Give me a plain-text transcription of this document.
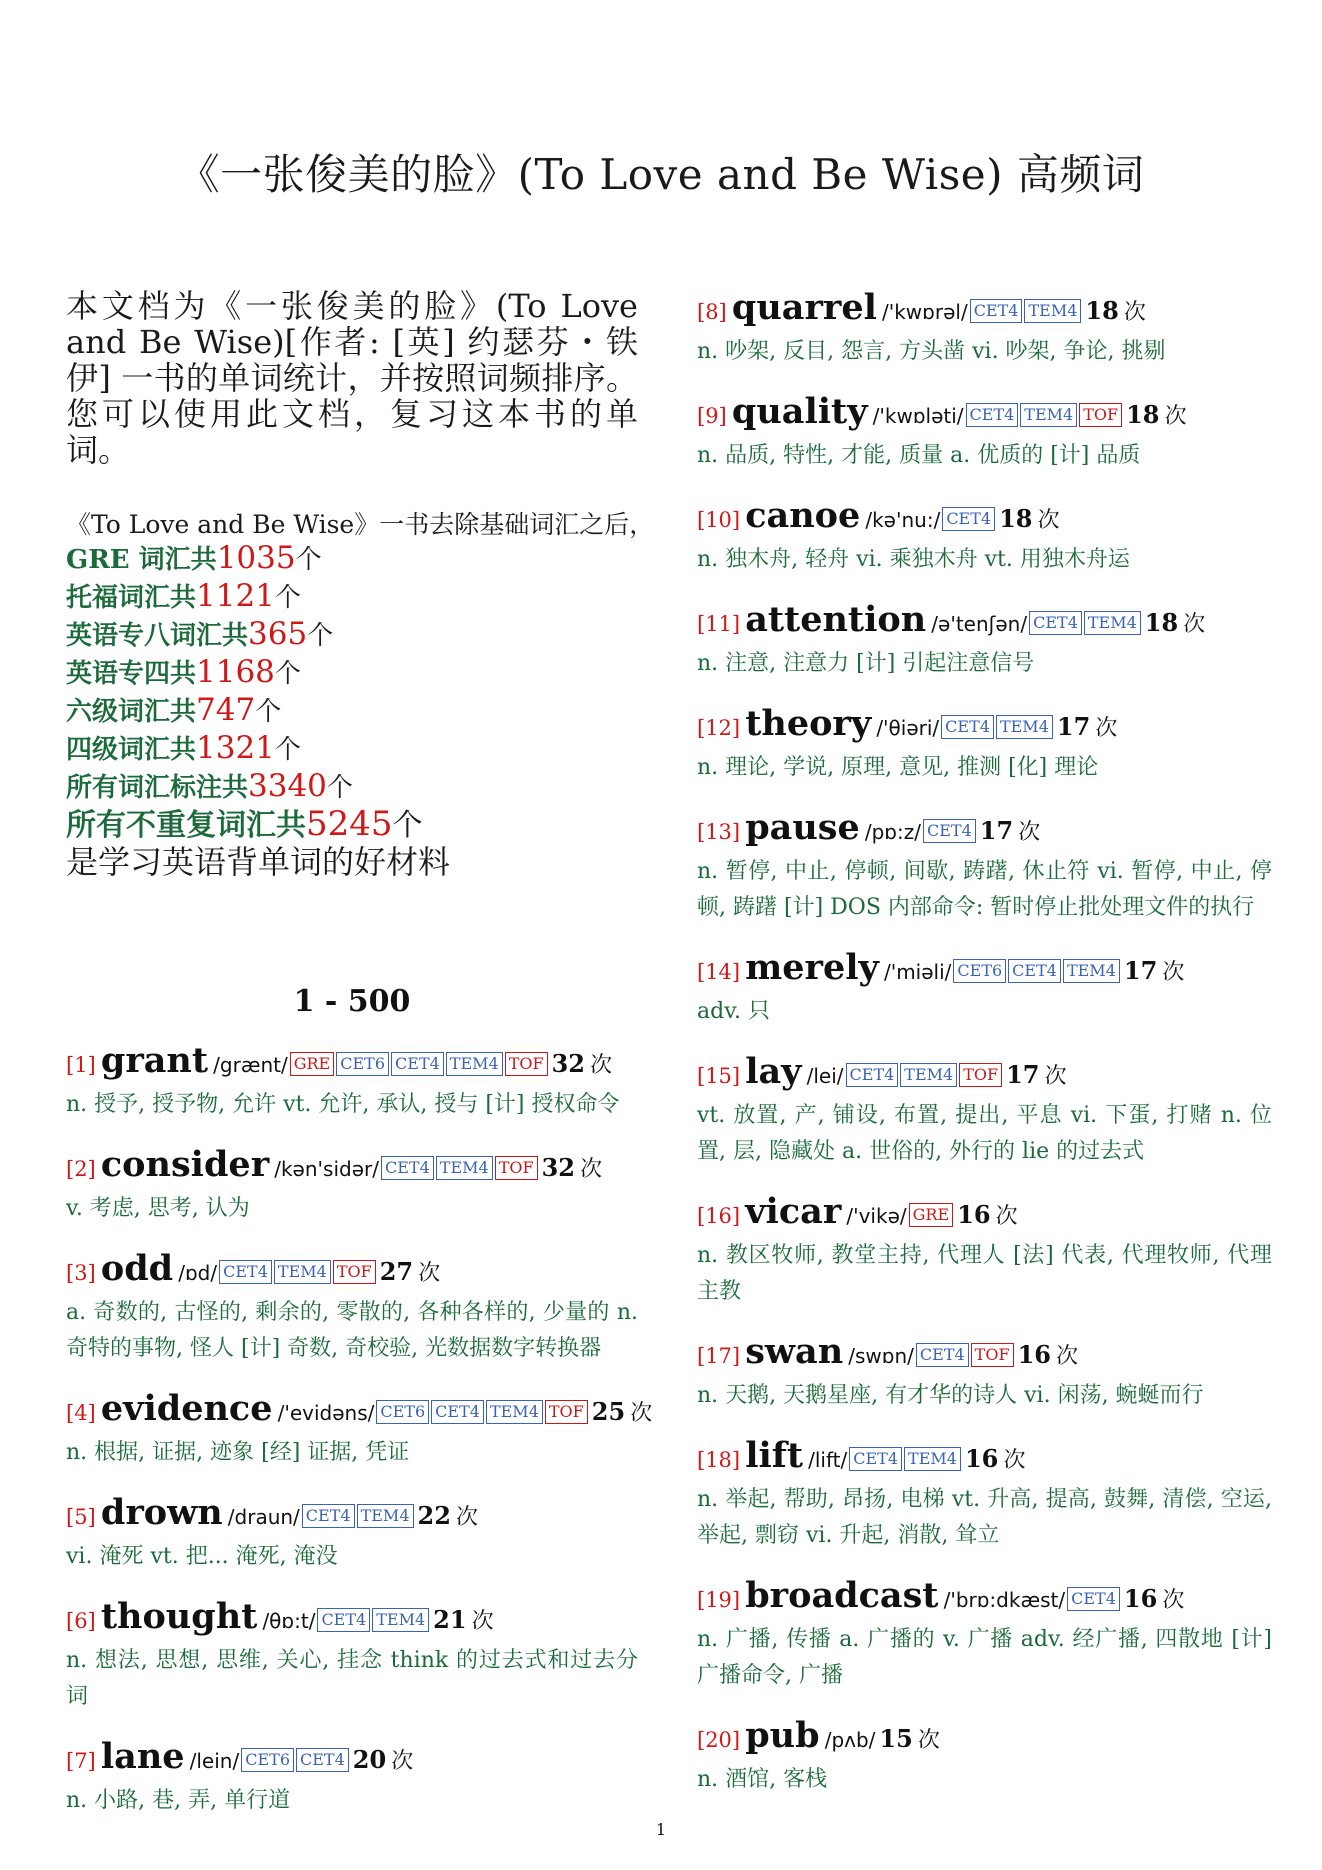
《一张俊美的脸》(To Love and Be Wise) 高频词

本文档为《一张俊美的脸》(To Love and Be Wise)[作者: [英] 约瑟芬・铁伊] 一书的单词统计，并按照词频排序。您可以使用此文档，复习这本书的单词。

《To Love and Be Wise》一书去除基础词汇之后，
GRE 词汇共1035个
托福词汇共1121个
英语专八词汇共365个
英语专四共1168个
六级词汇共747个
四级词汇共1321个
所有词汇标注共3340个
所有不重复词汇共5245个
是学习英语背单词的好材料
1 - 500
[1] grant /grænt/ GRE CET6 CET4 TEM4 TOF 32 次
n. 授予, 授予物, 允许 vt. 允许, 承认, 授与 [计] 授权命令
[2] consider /kən'sidər/ CET4 TEM4 TOF 32 次
v. 考虑, 思考, 认为
[3] odd /ɒd/ CET4 TEM4 TOF 27 次
a. 奇数的, 古怪的, 剩余的, 零散的, 各种各样的, 少量的 n. 奇特的事物, 怪人 [计] 奇数, 奇校验, 光数据数字转换器
[4] evidence /'evidəns/ CET6 CET4 TEM4 TOF 25 次
n. 根据, 证据, 迹象 [经] 证据, 凭证
[5] drown /draun/ CET4 TEM4 22 次
vi. 淹死 vt. 把... 淹死, 淹没
[6] thought /θɒ:t/ CET4 TEM4 21 次
n. 想法, 思想, 思维, 关心, 挂念 think 的过去式和过去分词
[7] lane /lein/ CET6 CET4 20 次
n. 小路, 巷, 弄, 单行道
[8] quarrel /'kwɒrəl/ CET4 TEM4 18 次
n. 吵架, 反目, 怨言, 方头凿 vi. 吵架, 争论, 挑剔
[9] quality /'kwɒləti/ CET4 TEM4 TOF 18 次
n. 品质, 特性, 才能, 质量 a. 优质的 [计] 品质
[10] canoe /kə'nu:/ CET4 18 次
n. 独木舟, 轻舟 vi. 乘独木舟 vt. 用独木舟运
[11] attention /ə'tenʃən/ CET4 TEM4 18 次
n. 注意, 注意力 [计] 引起注意信号
[12] theory /'θiəri/ CET4 TEM4 17 次
n. 理论, 学说, 原理, 意见, 推测 [化] 理论
[13] pause /pɒ:z/ CET4 17 次
n. 暂停, 中止, 停顿, 间歇, 踌躇, 休止符 vi. 暂停, 中止, 停顿, 踌躇 [计] DOS 内部命令: 暂时停止批处理文件的执行
[14] merely /'miəli/ CET6 CET4 TEM4 17 次
adv. 只
[15] lay /lei/ CET4 TEM4 TOF 17 次
vt. 放置, 产, 铺设, 布置, 提出, 平息 vi. 下蛋, 打赌 n. 位置, 层, 隐藏处 a. 世俗的, 外行的 lie 的过去式
[16] vicar /'vikə/ GRE 16 次
n. 教区牧师, 教堂主持, 代理人 [法] 代表, 代理牧师, 代理主教
[17] swan /swɒn/ CET4 TOF 16 次
n. 天鹅, 天鹅星座, 有才华的诗人 vi. 闲荡, 蜿蜒而行
[18] lift /lift/ CET4 TEM4 16 次
n. 举起, 帮助, 昂扬, 电梯 vt. 升高, 提高, 鼓舞, 清偿, 空运, 举起, 剽窃 vi. 升起, 消散, 耸立
[19] broadcast /'brɒ:dkæst/ CET4 16 次
n. 广播, 传播 a. 广播的 v. 广播 adv. 经广播, 四散地 [计] 广播命令, 广播
[20] pub /pʌb/ 15 次
n. 酒馆, 客栈
1
